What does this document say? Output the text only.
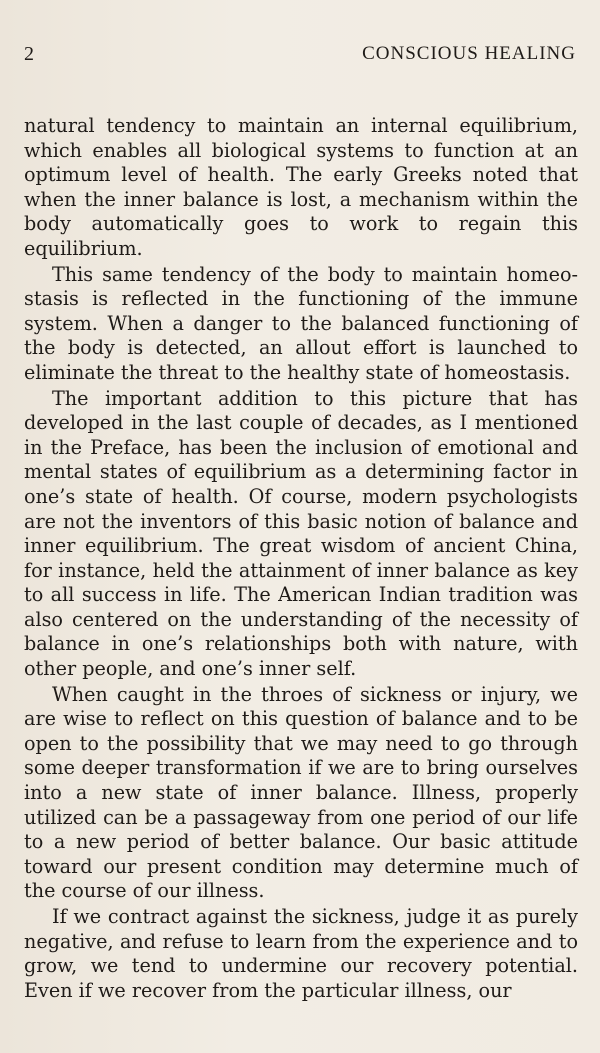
2	CONSCIOUS HEALING

natural tendency to maintain an internal equilibrium, which enables all biological systems to function at an optimum level of health. The early Greeks noted that when the inner balance is lost, a mechanism within the body automatically goes to work to regain this equilibrium.

This same tendency of the body to maintain homeo-stasis is reflected in the functioning of the immune system. When a danger to the balanced functioning of the body is detected, an allout effort is launched to eliminate the threat to the healthy state of homeostasis.

The important addition to this picture that has developed in the last couple of decades, as I mentioned in the Preface, has been the inclusion of emotional and mental states of equilibrium as a determining factor in one’s state of health. Of course, modern psychologists are not the inventors of this basic notion of balance and inner equilibrium. The great wisdom of ancient China, for instance, held the attainment of inner balance as key to all success in life. The American Indian tradition was also centered on the understanding of the necessity of balance in one’s relationships both with nature, with other people, and one’s inner self.

When caught in the throes of sickness or injury, we are wise to reflect on this question of balance and to be open to the possibility that we may need to go through some deeper transformation if we are to bring ourselves into a new state of inner balance. Illness, properly utilized can be a passageway from one period of our life to a new period of better balance. Our basic attitude toward our present condition may determine much of the course of our illness.

If we contract against the sickness, judge it as purely negative, and refuse to learn from the experience and to grow, we tend to undermine our recovery potential. Even if we recover from the particular illness, our
